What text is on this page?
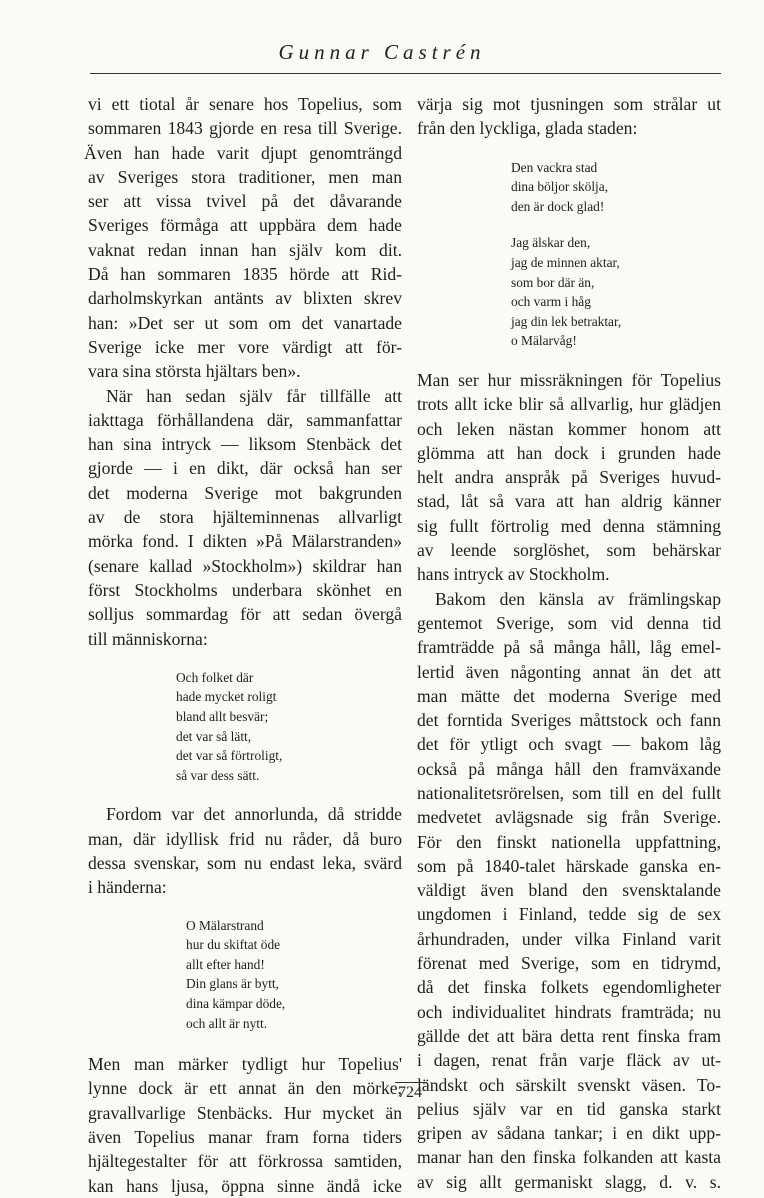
Gunnar Castrén
vi ett tiotal år senare hos Topelius, som
sommaren 1843 gjorde en resa till Sverige.
Även han hade varit djupt genomträngd
av Sveriges stora traditioner, men man
ser att vissa tvivel på det dåvarande
Sveriges förmåga att uppbära dem hade
vaknat redan innan han själv kom dit.
Då han sommaren 1835 hörde att Rid-
darholmskyrkan antänts av blixten skrev
han: »Det ser ut som om det vanartade
Sverige icke mer vore värdigt att för-
vara sina största hjältars ben».
När han sedan själv får tillfälle att
iakttaga förhållandena där, sammanfattar
han sina intryck — liksom Stenbäck det
gjorde — i en dikt, där också han ser
det moderna Sverige mot bakgrunden
av de stora hjälteminnenas allvarligt
mörka fond. I dikten »På Mälarstranden»
(senare kallad »Stockholm») skildrar han
först Stockholms underbara skönhet en
solljus sommardag för att sedan övergå
till människorna:
Och folket där
hade mycket roligt
bland allt besvär;
det var så lätt,
det var så förtroligt,
så var dess sätt.
Fordom var det annorlunda, då stridde
man, där idyllisk frid nu råder, då buro
dessa svenskar, som nu endast leka, svärd
i händerna:
O Mälarstrand
hur du skiftat öde
allt efter hand!
Din glans är bytt,
dina kämpar döde,
och allt är nytt.
Men man märker tydligt hur Topelius'
lynne dock är ett annat än den mörke,
gravallvarlige Stenbäcks. Hur mycket än
även Topelius manar fram forna tiders
hjältegestalter för att förkrossa samtiden,
kan hans ljusa, öppna sinne ändå icke
värja sig mot tjusningen som strålar ut
från den lyckliga, glada staden:
Den vackra stad
dina böljor skölja,
den är dock glad!
Jag älskar den,
jag de minnen aktar,
som bor där än,
och varm i håg
jag din lek betraktar,
o Mälarvåg!
Man ser hur missräkningen för Topelius
trots allt icke blir så allvarlig, hur glädjen
och leken nästan kommer honom att
glömma att han dock i grunden hade
helt andra anspråk på Sveriges huvud-
stad, låt så vara att han aldrig känner
sig fullt förtrolig med denna stämning
av leende sorglöshet, som behärskar
hans intryck av Stockholm.
Bakom den känsla av främlingskap
gentemot Sverige, som vid denna tid
framträdde på så många håll, låg emel-
lertid även någonting annat än det att
man mätte det moderna Sverige med
det forntida Sveriges måttstock och fann
det för ytligt och svagt — bakom låg
också på många håll den framväxande
nationalitetsrörelsen, som till en del fullt
medvetet avlägsnade sig från Sverige.
För den finskt nationella uppfattning,
som på 1840-talet härskade ganska en-
väldigt även bland den svensktalande
ungdomen i Finland, tedde sig de sex
århundraden, under vilka Finland varit
förenat med Sverige, som en tidrymd,
då det finska folkets egendomligheter
och individualitet hindrats framträda; nu
gällde det att bära detta rent finska fram
i dagen, renat från varje fläck av ut-
ländskt och särskilt svenskt väsen. To-
pelius själv var en tid ganska starkt
gripen av sådana tankar; i en dikt upp-
manar han den finska folkanden att kasta
av sig allt germaniskt slagg, d. v. s.
724
